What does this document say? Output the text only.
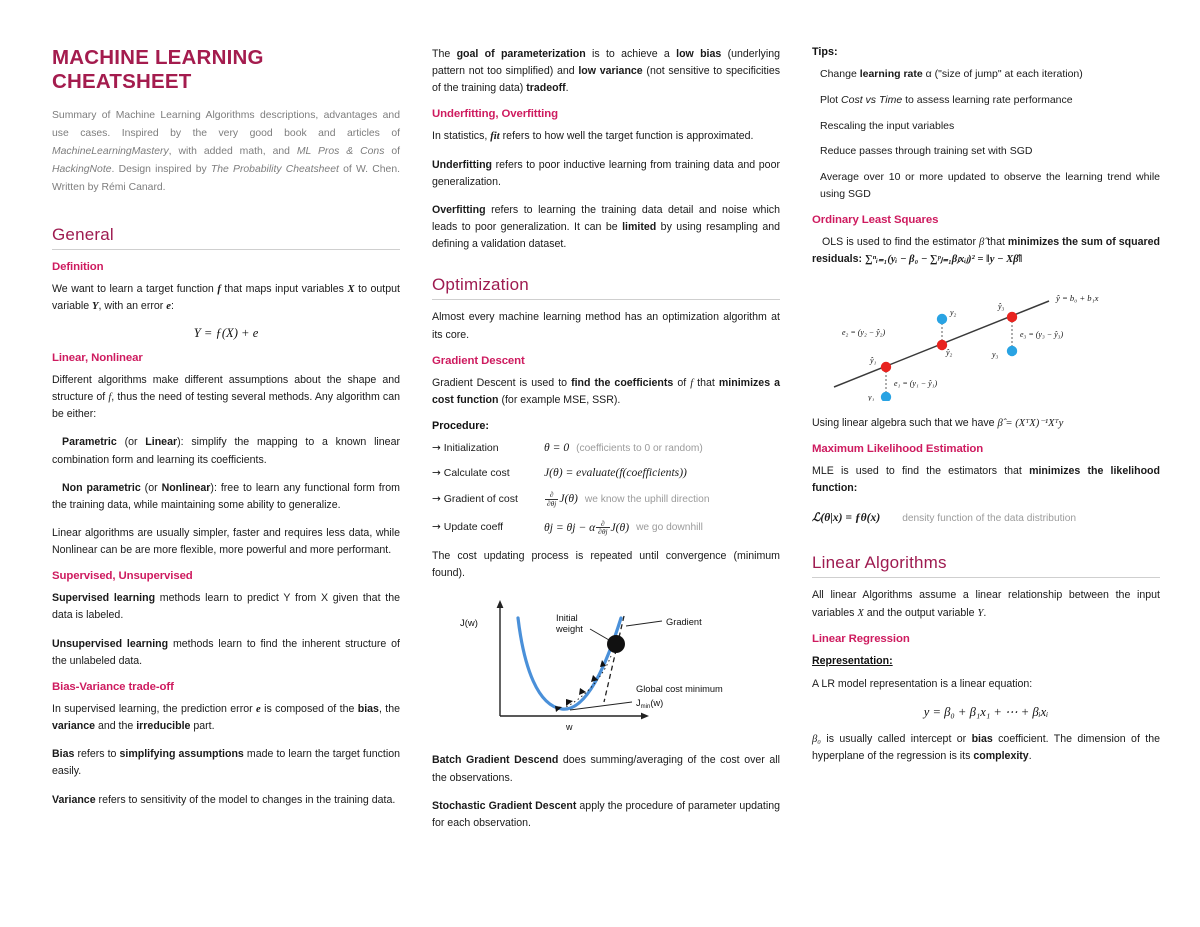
MACHINE LEARNING CHEATSHEET
Summary of Machine Learning Algorithms descriptions, advantages and use cases. Inspired by the very good book and articles of MachineLearningMastery, with added math, and ML Pros & Cons of HackingNote. Design inspired by The Probability Cheatsheet of W. Chen. Written by Rémi Canard.
General
Definition
We want to learn a target function f that maps input variables X to output variable Y, with an error e:
Y = ƒ(X) + e
Linear, Nonlinear
Different algorithms make different assumptions about the shape and structure of f, thus the need of testing several methods. Any algorithm can be either:
Parametric (or Linear): simplify the mapping to a known linear combination form and learning its coefficients.
Non parametric (or Nonlinear): free to learn any functional form from the training data, while maintaining some ability to generalize.
Linear algorithms are usually simpler, faster and requires less data, while Nonlinear can be are more flexible, more powerful and more performant.
Supervised, Unsupervised
Supervised learning methods learn to predict Y from X given that the data is labeled.
Unsupervised learning methods learn to find the inherent structure of the unlabeled data.
Bias-Variance trade-off
In supervised learning, the prediction error e is composed of the bias, the variance and the irreducible part.
Bias refers to simplifying assumptions made to learn the target function easily.
Variance refers to sensitivity of the model to changes in the training data.
The goal of parameterization is to achieve a low bias (underlying pattern not too simplified) and low variance (not sensitive to specificities of the training data) tradeoff.
Underfitting, Overfitting
In statistics, fit refers to how well the target function is approximated.
Underfitting refers to poor inductive learning from training data and poor generalization.
Overfitting refers to learning the training data detail and noise which leads to poor generalization. It can be limited by using resampling and defining a validation dataset.
Optimization
Almost every machine learning method has an optimization algorithm at its core.
Gradient Descent
Gradient Descent is used to find the coefficients of f that minimizes a cost function (for example MSE, SSR).
Procedure:
→ Initialization	θ = 0 (coefficients to 0 or random)
→ Calculate cost	J(θ) = evaluate(f(coefficients))
→ Gradient of cost	$\frac{\partial}{\partial\theta j} J(\theta)$ we know the uphill direction
→ Update coeff	θj = θj − α $\frac{\partial}{\partial\theta j} J(\theta)$ we go downhill
The cost updating process is repeated until convergence (minimum found).
J(w)
w
Initial
weight
Gradient
Global cost minimum
$J_{min}(w)$
Batch Gradient Descend does summing/averaging of the cost over all the observations.
Stochastic Gradient Descent apply the procedure of parameter updating for each observation.
Tips:
Change learning rate α ("size of jump" at each iteration)
Plot Cost vs Time to assess learning rate performance
Rescaling the input variables
Reduce passes through training set with SGD
Average over 10 or more updated to observe the learning trend while using SGD
Ordinary Least Squares
OLS is used to find the estimator β̂ that minimizes the sum of squared residuals: ∑ⁿᵢ₌₁(yᵢ − β₀ − ∑ᵖⱼ₌₁βⱼxᵢⱼ)² = ‖y − Xβ̂‖
ŷ = b₀ + b₁x
ŷ₁
y₁
e₁ = (y₁ − ŷ₁)
ŷ₂
y₂
e₂ = (y₂ − ŷ₂)
ŷ₃
y₃
e₃ = (y₃ − ŷ₃)
Using linear algebra such that we have β̂ = (XᵀX)⁻¹Xᵀy
Maximum Likelihood Estimation
MLE is used to find the estimators that minimizes the likelihood function:
ℒ(θ|x) = ƒθ(x) density function of the data distribution
Linear Algorithms
All linear Algorithms assume a linear relationship between the input variables X and the output variable Y.
Linear Regression
Representation:
A LR model representation is a linear equation:
y = β₀ + β₁x₁ + ⋯ + βᵢxᵢ
β₀ is usually called intercept or bias coefficient. The dimension of the hyperplane of the regression is its complexity.
